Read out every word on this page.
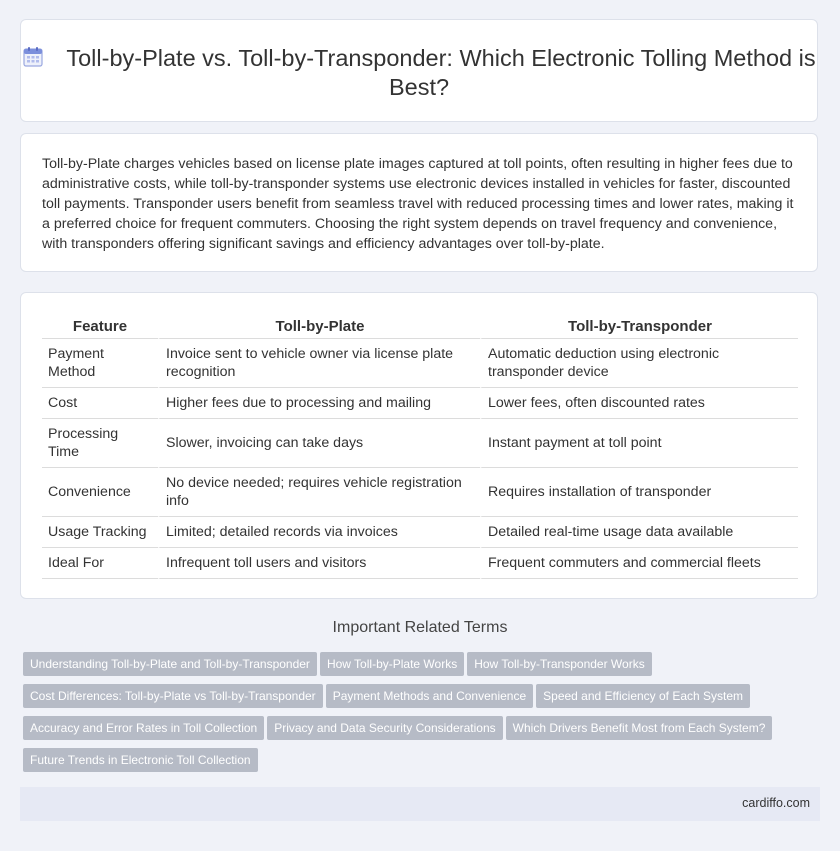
Toll-by-Plate vs. Toll-by-Transponder: Which Electronic Tolling Method is Best?

Toll-by-Plate charges vehicles based on license plate images captured at toll points, often resulting in higher fees due to administrative costs, while toll-by-transponder systems use electronic devices installed in vehicles for faster, discounted toll payments. Transponder users benefit from seamless travel with reduced processing times and lower rates, making it a preferred choice for frequent commuters. Choosing the right system depends on travel frequency and convenience, with transponders offering significant savings and efficiency advantages over toll-by-plate.

Feature	Toll-by-Plate	Toll-by-Transponder
Payment Method	Invoice sent to vehicle owner via license plate recognition	Automatic deduction using electronic transponder device
Cost	Higher fees due to processing and mailing	Lower fees, often discounted rates
Processing Time	Slower, invoicing can take days	Instant payment at toll point
Convenience	No device needed; requires vehicle registration info	Requires installation of transponder
Usage Tracking	Limited; detailed records via invoices	Detailed real-time usage data available
Ideal For	Infrequent toll users and visitors	Frequent commuters and commercial fleets
Important Related Terms
Understanding Toll-by-Plate and Toll-by-Transponder How Toll-by-Plate Works How Toll-by-Transponder Works
Cost Differences: Toll-by-Plate vs Toll-by-Transponder Payment Methods and Convenience Speed and Efficiency of Each System
Accuracy and Error Rates in Toll Collection Privacy and Data Security Considerations Which Drivers Benefit Most from Each System?
Future Trends in Electronic Toll Collection
cardiffo.com
